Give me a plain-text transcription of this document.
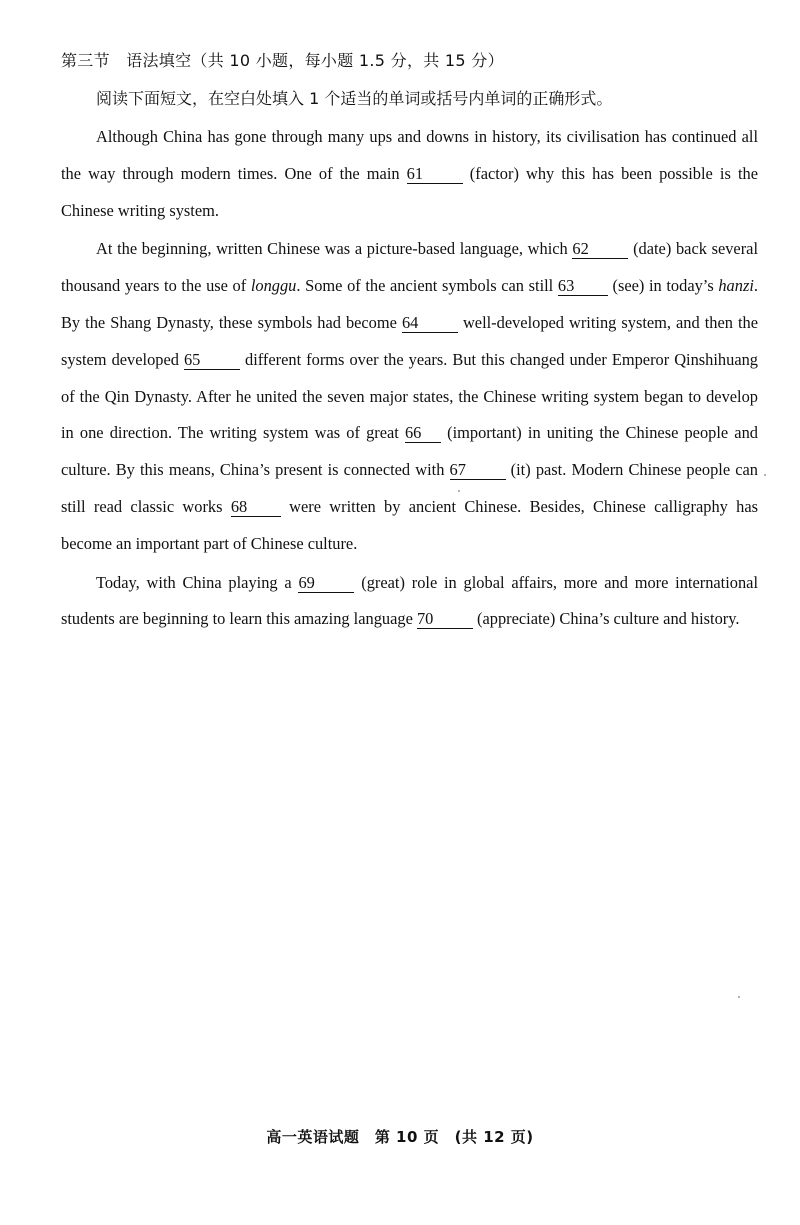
第三节　语法填空（共 10 小题，每小题 1.5 分，共 15 分）
阅读下面短文，在空白处填入 1 个适当的单词或括号内单词的正确形式。

Although China has gone through many ups and downs in history, its civilisation has continued all the way through modern times. One of the main 61 (factor) why this has been possible is the Chinese writing system.

At the beginning, written Chinese was a picture-based language, which 62 (date) back several thousand years to the use of longgu. Some of the ancient symbols can still 63 (see) in today’s hanzi. By the Shang Dynasty, these symbols had become 64 well-developed writing system, and then the system developed 65 different forms over the years. But this changed under Emperor Qinshihuang of the Qin Dynasty. After he united the seven major states, the Chinese writing system began to develop in one direction. The writing system was of great 66 (important) in uniting the Chinese people and culture. By this means, China’s present is connected with 67 (it) past. Modern Chinese people can still read classic works 68 were written by ancient Chinese. Besides, Chinese calligraphy has become an important part of Chinese culture.

Today, with China playing a 69 (great) role in global affairs, more and more international students are beginning to learn this amazing language 70 (appreciate) China’s culture and history.

高一英语试题　第 10 页　(共 12 页)
